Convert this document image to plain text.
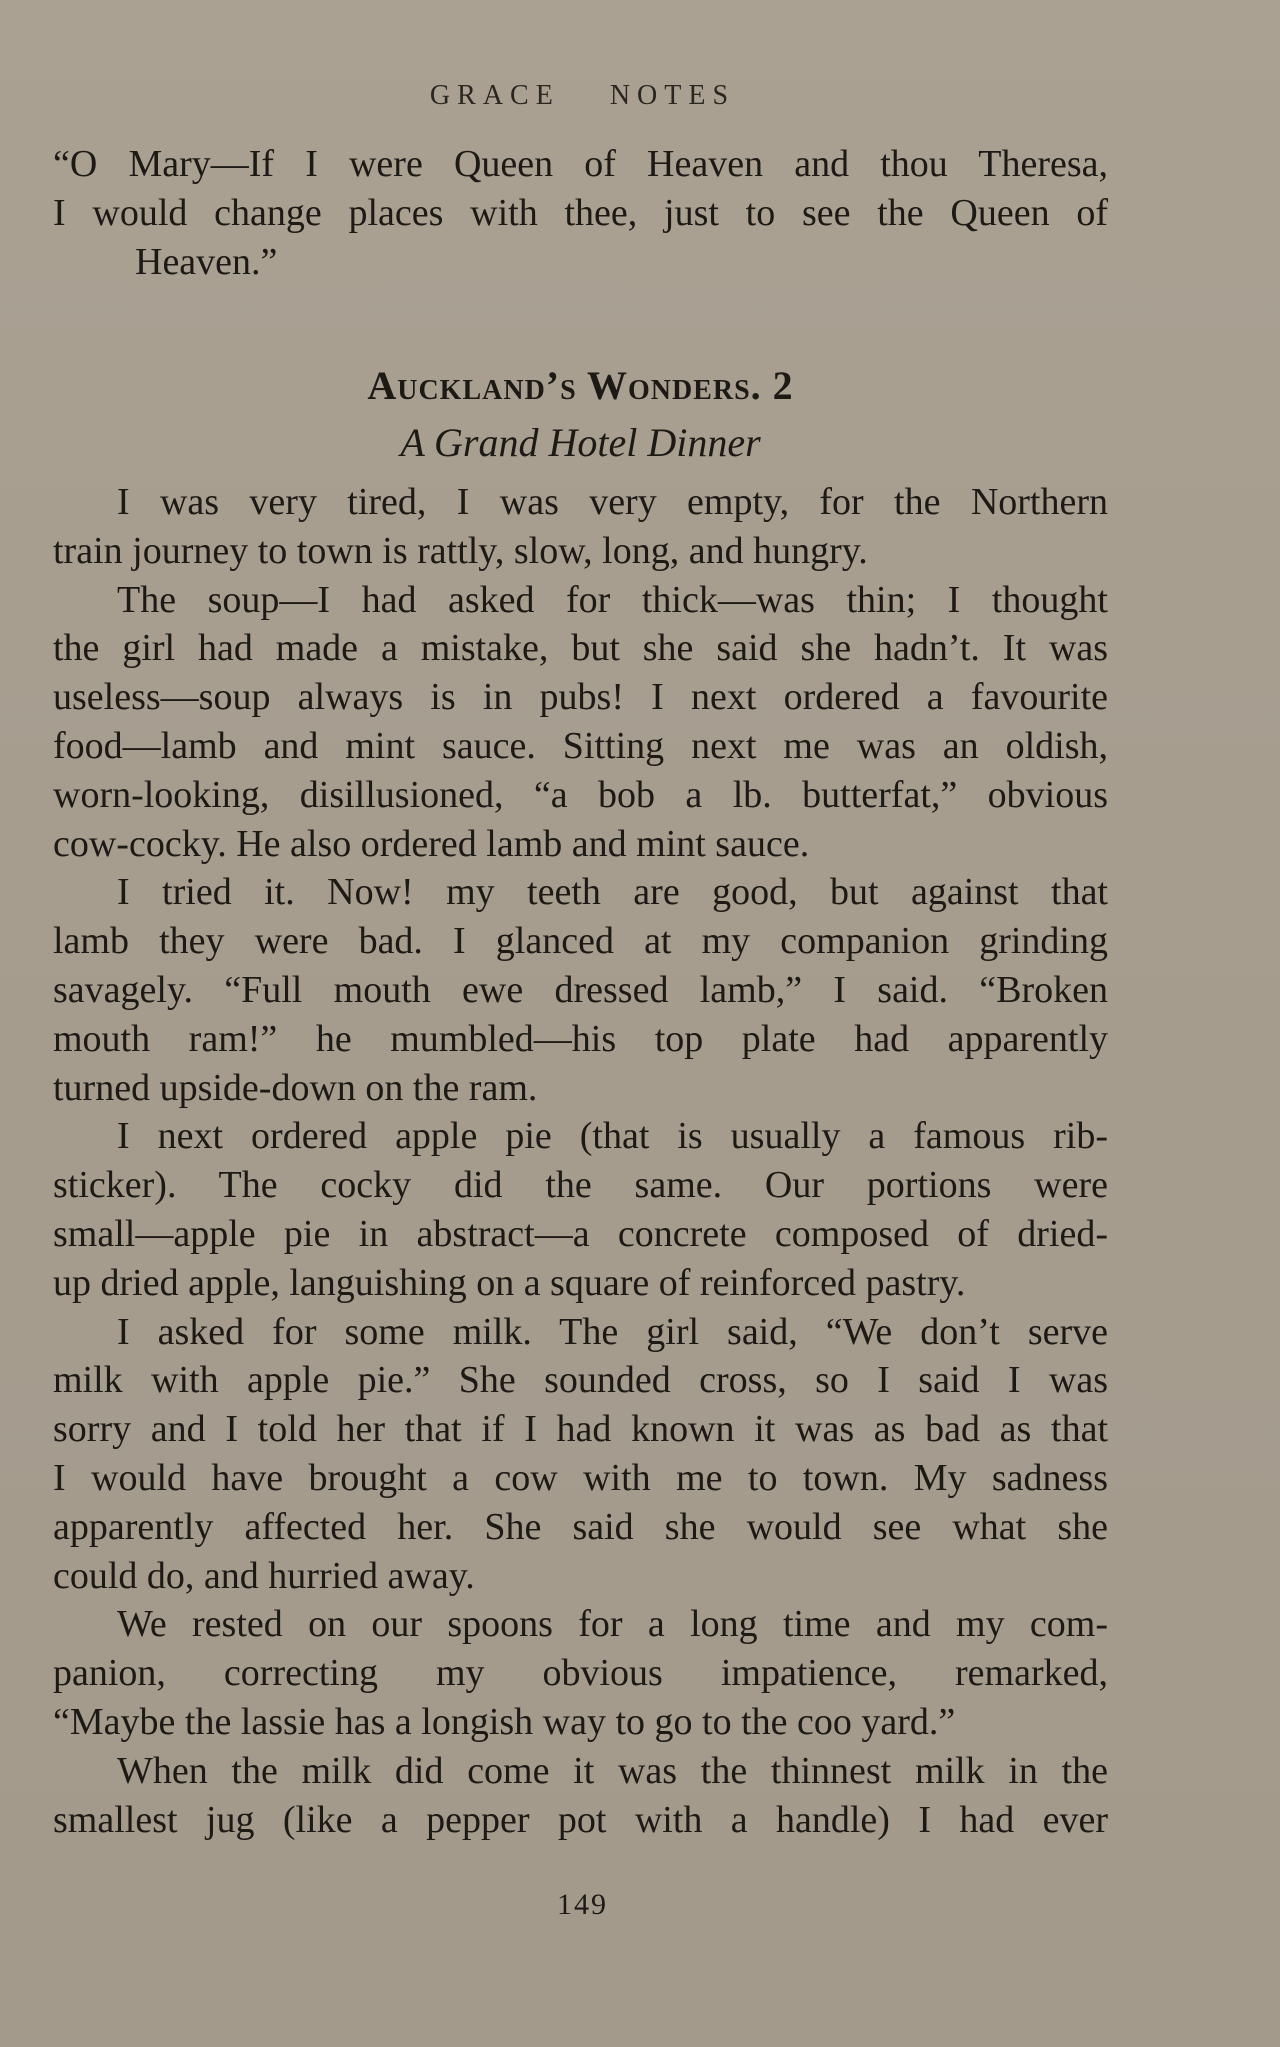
GRACE NOTES

“O Mary—If I were Queen of Heaven and thou Theresa,

I would change places with thee, just to see the Queen of

Heaven.”

Auckland’s Wonders. 2
A Grand Hotel Dinner
I was very tired, I was very empty, for the Northern
train journey to town is rattly, slow, long, and hungry.
The soup—I had asked for thick—was thin; I thought
the girl had made a mistake, but she said she hadn’t. It was
useless—soup always is in pubs! I next ordered a favourite
food—lamb and mint sauce. Sitting next me was an oldish,
worn-looking, disillusioned, “a bob a lb. butterfat,” obvious
cow-cocky. He also ordered lamb and mint sauce.
I tried it. Now! my teeth are good, but against that
lamb they were bad. I glanced at my companion grinding
savagely. “Full mouth ewe dressed lamb,” I said. “Broken
mouth ram!” he mumbled—his top plate had apparently
turned upside-down on the ram.
I next ordered apple pie (that is usually a famous rib-
sticker). The cocky did the same. Our portions were
small—apple pie in abstract—a concrete composed of dried-
up dried apple, languishing on a square of reinforced pastry.
I asked for some milk. The girl said, “We don’t serve
milk with apple pie.” She sounded cross, so I said I was
sorry and I told her that if I had known it was as bad as that
I would have brought a cow with me to town. My sadness
apparently affected her. She said she would see what she
could do, and hurried away.
We rested on our spoons for a long time and my com-
panion, correcting my obvious impatience, remarked,
“Maybe the lassie has a longish way to go to the coo yard.”
When the milk did come it was the thinnest milk in the
smallest jug (like a pepper pot with a handle) I had ever
149
